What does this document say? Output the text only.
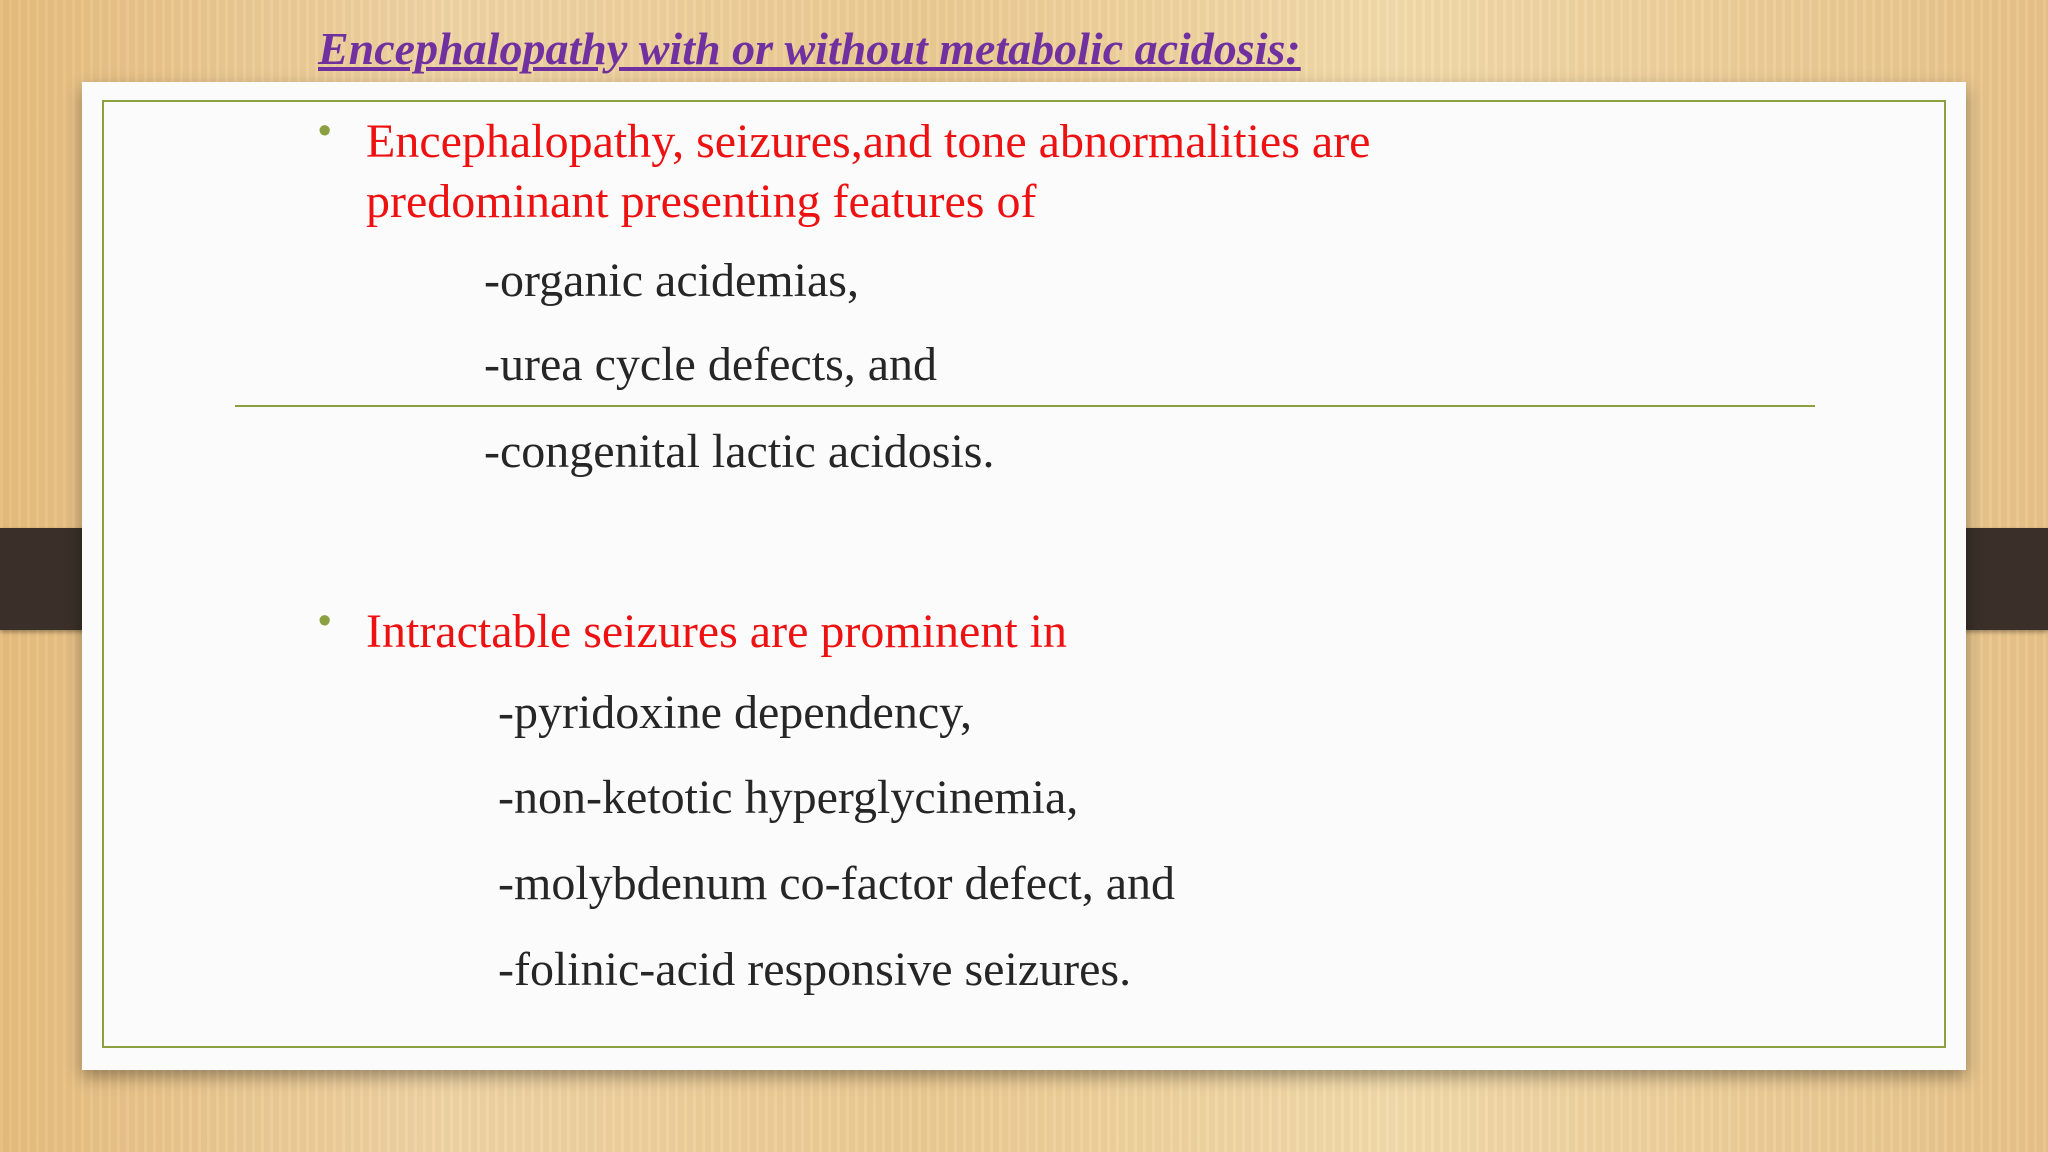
Encephalopathy with or without metabolic acidosis:
• Encephalopathy, seizures,and tone abnormalities are
predominant presenting features of
-organic acidemias,
-urea cycle defects, and
-congenital lactic acidosis.
• Intractable seizures are prominent in
-pyridoxine dependency,
-non-ketotic hyperglycinemia,
-molybdenum co-factor defect, and
-folinic-acid responsive seizures.
